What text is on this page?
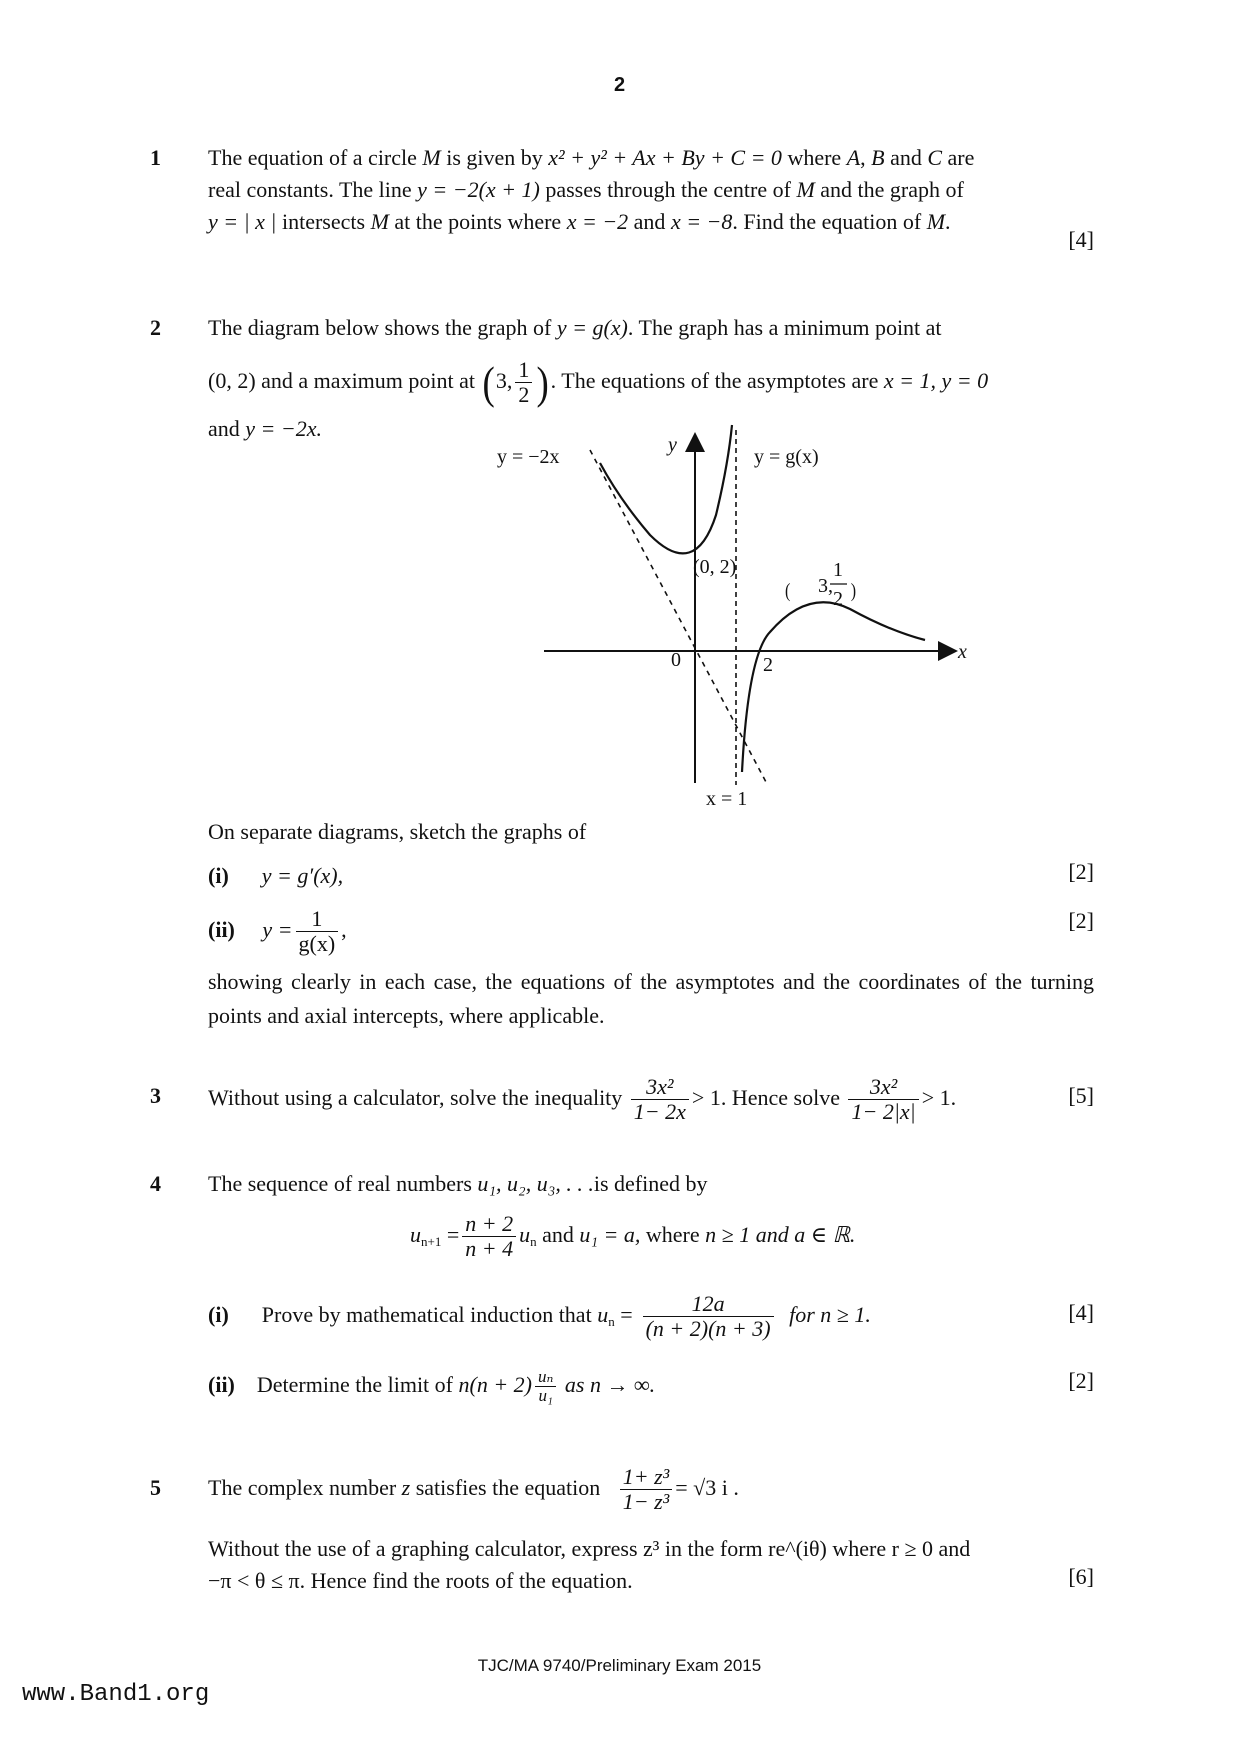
2
1 The equation of a circle M is given by x² + y² + Ax + By + C = 0 where A, B and C are
real constants. The line y = −2(x + 1) passes through the centre of M and the graph of
y = | x | intersects M at the points where x = −2 and x = −8. Find the equation of M.
[4]
2 The diagram below shows the graph of y = g(x). The graph has a minimum point at
(0, 2) and a maximum point at (3, $\frac{1}{2}$ ). The equations of the asymptotes are x = 1, y = 0
and y = −2x.
y = −2x
y
y = g(x)
(0, 2)
( 3,
1
2 )
0	2
x
x = 1
On separate diagrams, sketch the graphs of
(i) y = g′(x),	[2]
(ii) $y = \frac{1}{g(x)}$ ,	[2]
showing clearly in each case, the equations of the asymptotes and the coordinates of the turning points and axial intercepts, where applicable.
3 Without using a calculator, solve the inequality $\frac{\text{3x²}}{1- 2x} > 1$. Hence solve $\frac{\text{3x²}}{1- 2|x|} > 1$.	[5]
4 The sequence of real numbers u₁, u₂, u₃, . . .is defined by
$u_{n+1} = \frac{n + 2}{n + 4} u_n$ and u₁ = a, where n ≥ 1 and a ∈ ℝ.
(i) Prove by mathematical induction that $u_n = \frac{12a}{(n + 2)(n + 3)}$ for n ≥ 1.	[4]
(ii) Determine the limit of $n(n + 2) \frac{\text{uₙ}}{\text{u₁}}$ as n → ∞.	[2]
5 The complex number z satisfies the equation $\frac{\text{1+ z³}}{\text{1− z³}} = √3$ i .
Without the use of a graphing calculator, express z³ in the form re^(iθ) where r ≥ 0 and
−π < θ ≤ π. Hence find the roots of the equation.	[6]
TJC/MA 9740/Preliminary Exam 2015
www.Band1.org
